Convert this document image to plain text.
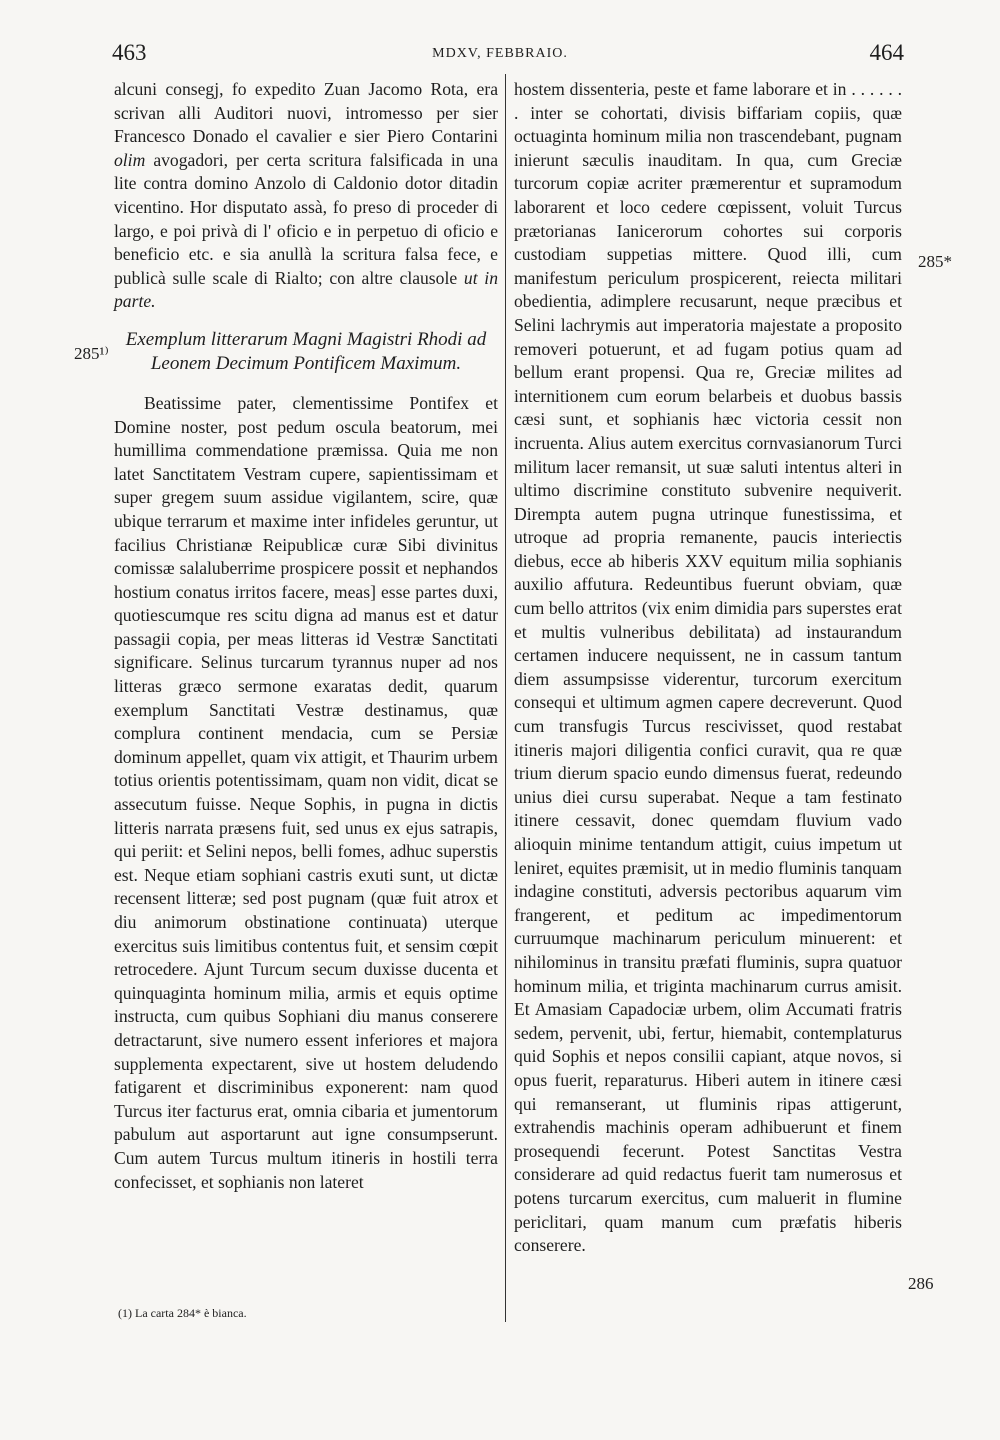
463	MDXV, FEBBRAIO.	464
285¹⁾
285*
286

alcuni consegj, fo expedito Zuan Jacomo Rota, era scrivan alli Auditori nuovi, intromesso per sier Francesco Donado el cavalier e sier Piero Contarini olim avogadori, per certa scritura falsificada in una lite contra domino Anzolo di Caldonio dotor ditadin vicentino. Hor disputato assà, fo preso di proceder di largo, e poi privà di l' oficio e in perpetuo di oficio e beneficio etc. e sia anullà la scritura falsa fece, e publicà sulle scale di Rialto; con altre clausole ut in parte.

Exemplum litterarum Magni Magistri Rhodi ad Leonem Decimum Pontificem Maximum.

Beatissime pater, clementissime Pontifex et Domine noster, post pedum oscula beatorum, mei humillima commendatione præmissa. Quia me non latet Sanctitatem Vestram cupere, sapientissimam et super gregem suum assidue vigilantem, scire, quæ ubique terrarum et maxime inter infideles geruntur, ut facilius Christianæ Reipublicæ curæ Sibi divinitus comissæ salaluberrime prospicere possit et nephandos hostium conatus irritos facere, meas] esse partes duxi, quotiescumque res scitu digna ad manus est et datur passagii copia, per meas litteras id Vestræ Sanctitati significare. Selinus turcarum tyrannus nuper ad nos litteras græco sermone exaratas dedit, quarum exemplum Sanctitati Vestræ destinamus, quæ complura continent mendacia, cum se Persiæ dominum appellet, quam vix attigit, et Thaurim urbem totius orientis potentissimam, quam non vidit, dicat se assecutum fuisse. Neque Sophis, in pugna in dictis litteris narrata præsens fuit, sed unus ex ejus satrapis, qui periit: et Selini nepos, belli fomes, adhuc superstis est. Neque etiam sophiani castris exuti sunt, ut dictæ recensent litteræ; sed post pugnam (quæ fuit atrox et diu animorum obstinatione continuata) uterque exercitus suis limitibus contentus fuit, et sensim cœpit retrocedere. Ajunt Turcum secum duxisse ducenta et quinquaginta hominum milia, armis et equis optime instructa, cum quibus Sophiani diu manus conserere detractarunt, sive numero essent inferiores et majora supplementa expectarent, sive ut hostem deludendo fatigarent et discriminibus exponerent: nam quod Turcus iter facturus erat, omnia cibaria et jumentorum pabulum aut asportarunt aut igne consumpserunt. Cum autem Turcus multum itineris in hostili terra confecisset, et sophianis non lateret

hostem dissenteria, peste et fame laborare et in . . . . . . . inter se cohortati, divisis biffariam copiis, quæ octuaginta hominum milia non trascendebant, pugnam inierunt sæculis inauditam. In qua, cum Greciæ turcorum copiæ acriter præmerentur et supramodum laborarent et loco cedere cœpissent, voluit Turcus prætorianas Ianicerorum cohortes sui corporis custodiam suppetias mittere. Quod illi, cum manifestum periculum prospicerent, reiecta militari obedientia, adimplere recusarunt, neque præcibus et Selini lachrymis aut imperatoria majestate a proposito removeri potuerunt, et ad fugam potius quam ad bellum erant propensi. Qua re, Greciæ milites ad internitionem cum eorum belarbeis et duobus bassis cæsi sunt, et sophianis hæc victoria cessit non incruenta. Alius autem exercitus cornvasianorum Turci militum lacer remansit, ut suæ saluti intentus alteri in ultimo discrimine constituto subvenire nequiverit. Dirempta autem pugna utrinque funestissima, et utroque ad propria remanente, paucis interiectis diebus, ecce ab hiberis XXV equitum milia sophianis auxilio affutura. Redeuntibus fuerunt obviam, quæ cum bello attritos (vix enim dimidia pars superstes erat et multis vulneribus debilitata) ad instaurandum certamen inducere nequissent, ne in cassum tantum diem assumpsisse viderentur, turcorum exercitum consequi et ultimum agmen capere decreverunt. Quod cum transfugis Turcus rescivisset, quod restabat itineris majori diligentia confici curavit, qua re quæ trium dierum spacio eundo dimensus fuerat, redeundo unius diei cursu superabat. Neque a tam festinato itinere cessavit, donec quemdam fluvium vado alioquin minime tentandum attigit, cuius impetum ut leniret, equites præmisit, ut in medio fluminis tanquam indagine constituti, adversis pectoribus aquarum vim frangerent, et peditum ac impedimentorum curruumque machinarum periculum minuerent: et nihilominus in transitu præfati fluminis, supra quatuor hominum milia, et triginta machinarum currus amisit. Et Amasiam Capadociæ urbem, olim Accumati fratris sedem, pervenit, ubi, fertur, hiemabit, contemplaturus quid Sophis et nepos consilii capiant, atque novos, si opus fuerit, reparaturus. Hiberi autem in itinere cæsi qui remanserant, ut fluminis ripas attigerunt, extrahendis machinis operam adhibuerunt et finem prosequendi fecerunt. Potest Sanctitas Vestra considerare ad quid redactus fuerit tam numerosus et potens turcarum exercitus, cum maluerit in flumine periclitari, quam manum cum præfatis hiberis conserere.

(1) La carta 284* è bianca.
